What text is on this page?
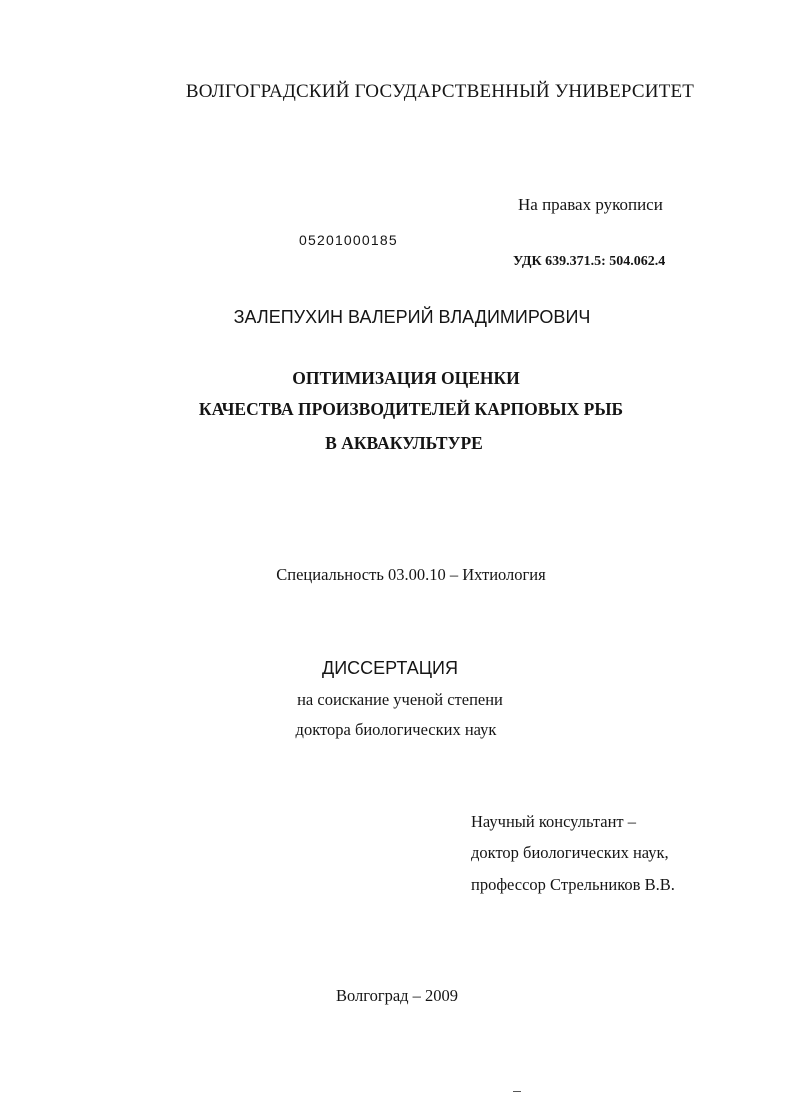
ВОЛГОГРАДСКИЙ ГОСУДАРСТВЕННЫЙ УНИВЕРСИТЕТ
На правах рукописи
05201000185
УДК 639.371.5: 504.062.4
ЗАЛЕПУХИН ВАЛЕРИЙ ВЛАДИМИРОВИЧ
ОПТИМИЗАЦИЯ ОЦЕНКИ
КАЧЕСТВА ПРОИЗВОДИТЕЛЕЙ КАРПОВЫХ РЫБ
В АКВАКУЛЬТУРЕ
Специальность 03.00.10 – Ихтиология
ДИССЕРТАЦИЯ
на соискание ученой степени
доктора биологических наук
Научный консультант –
доктор биологических наук,
профессор Стрельников В.В.
Волгоград – 2009
